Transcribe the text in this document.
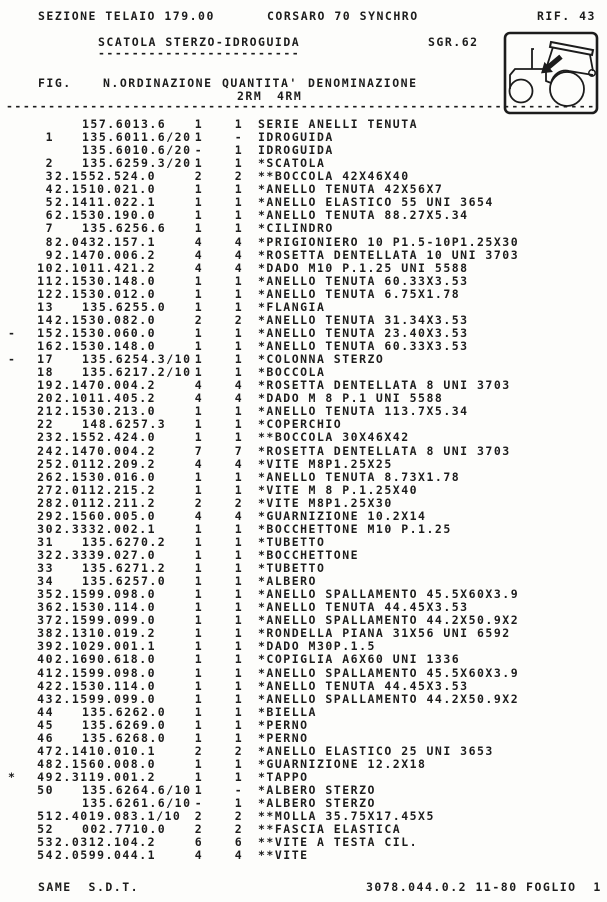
SEZIONE TELAIO 179.00	CORSARO 70 SYNCHRO	RIF. 43
SCATOLA STERZO-IDROGUIDA
------------------------
SGR.62
FIG.	N.ORDINAZIONE QUANTITA' DENOMINAZIONE
2RM 4RM
----------------------------------------------------------------------
157.6013.6 1	1 SERIE ANELLI TENUTA
1 135.6011.6/20 1	- IDROGUIDA
135.6010.6/20 -	1 IDROGUIDA
2 135.6259.3/20 1	1 *SCATOLA
3 2.1552.524.0	2	2 **BOCCOLA 42X46X40
4 2.1510.021.0	1	1 *ANELLO TENUTA 42X56X7
5 2.1411.022.1	1	1 *ANELLO ELASTICO 55 UNI 3654
6 2.1530.190.0	1	1 *ANELLO TENUTA 88.27X5.34
7 135.6256.6 1	1 *CILINDRO
8 2.0432.157.1	4	4 *PRIGIONIERO 10 P1.5-10P1.25X30
9 2.1470.006.2	4	4 *ROSETTA DENTELLATA 10 UNI 3703
10 2.1011.421.2	4	4 *DADO M10 P.1.25 UNI 5588
11 2.1530.148.0	1	1 *ANELLO TENUTA 60.33X3.53
12 2.1530.012.0	1	1 *ANELLO TENUTA 6.75X1.78
13 135.6255.0 1	1 *FLANGIA
14 2.1530.082.0	2	2 *ANELLO TENUTA 31.34X3.53
-	15 2.1530.060.0	1	1 *ANELLO TENUTA 23.40X3.53
16 2.1530.148.0	1	1 *ANELLO TENUTA 60.33X3.53
-	17 135.6254.3/10 1	1 *COLONNA STERZO
18 135.6217.2/10 1	1 *BOCCOLA
19 2.1470.004.2	4	4 *ROSETTA DENTELLATA 8 UNI 3703
20 2.1011.405.2	4	4 *DADO M 8 P.1 UNI 5588
21 2.1530.213.0	1	1 *ANELLO TENUTA 113.7X5.34
22 148.6257.3 1	1 *COPERCHIO
23 2.1552.424.0	1	1 **BOCCOLA 30X46X42
24 2.1470.004.2	7	7 *ROSETTA DENTELLATA 8 UNI 3703
25 2.0112.209.2	4	4 *VITE M8P1.25X25
26 2.1530.016.0	1	1 *ANELLO TENUTA 8.73X1.78
27 2.0112.215.2	1	1 *VITE M 8 P.1.25X40
28 2.0112.211.2	2	2 *VITE M8P1.25X30
29 2.1560.005.0	4	4 *GUARNIZIONE 10.2X14
30 2.3332.002.1	1	1 *BOCCHETTONE M10 P.1.25
31 135.6270.2 1	1 *TUBETTO
32 2.3339.027.0	1	1 *BOCCHETTONE
33 135.6271.2 1	1 *TUBETTO
34 135.6257.0 1	1 *ALBERO
35 2.1599.098.0	1	1 *ANELLO SPALLAMENTO 45.5X60X3.9
36 2.1530.114.0	1	1 *ANELLO TENUTA 44.45X3.53
37 2.1599.099.0	1	1 *ANELLO SPALLAMENTO 44.2X50.9X2
38 2.1310.019.2	1	1 *RONDELLA PIANA 31X56 UNI 6592
39 2.1029.001.1	1	1 *DADO M30P.1.5
40 2.1690.618.0	1	1 *COPIGLIA A6X60 UNI 1336
41 2.1599.098.0	1	1 *ANELLO SPALLAMENTO 45.5X60X3.9
42 2.1530.114.0	1	1 *ANELLO TENUTA 44.45X3.53
43 2.1599.099.0	1	1 *ANELLO SPALLAMENTO 44.2X50.9X2
44 135.6262.0 1	1 *BIELLA
45 135.6269.0 1	1 *PERNO
46 135.6268.0 1	1 *PERNO
47 2.1410.010.1	2	2 *ANELLO ELASTICO 25 UNI 3653
48 2.1560.008.0	1	1 *GUARNIZIONE 12.2X18
*	49 2.3119.001.2	1	1 *TAPPO
50 135.6264.6/10 1	- *ALBERO STERZO
135.6261.6/10 -	1 *ALBERO STERZO
51 2.4019.083.1/10 2	2 **MOLLA 35.75X17.45X5
52 002.7710.0 2	2 **FASCIA ELASTICA
53 2.0312.104.2	6	6 **VITE A TESTA CIL.
54 2.0599.044.1	4	4 **VITE
SAME  S.D.T.	3078.044.0.2 11-80 FOGLIO  1
